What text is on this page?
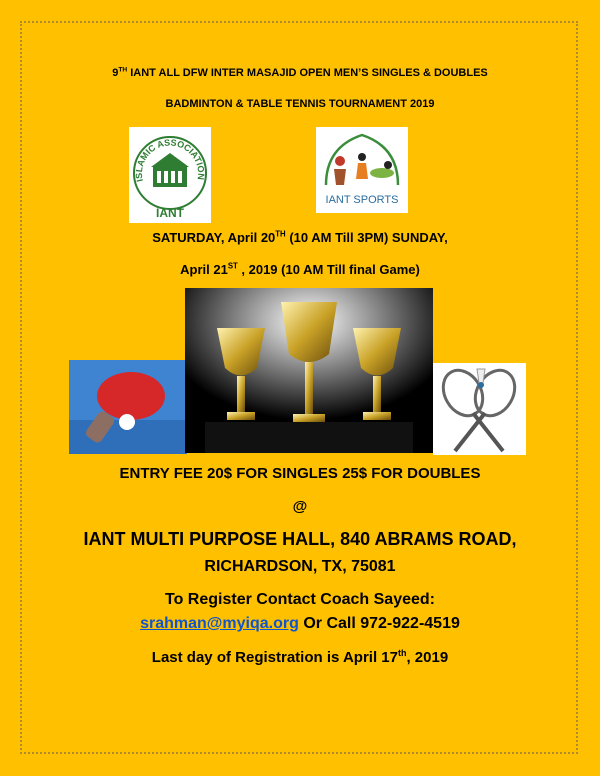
9TH IANT ALL DFW INTER MASAJID OPEN MEN’S SINGLES & DOUBLES
BADMINTON & TABLE TENNIS TOURNAMENT 2019
ISLAMIC ASSOCIATION
IANT
IANT SPORTS
SATURDAY, April 20TH (10 AM Till 3PM) SUNDAY,
April 21ST , 2019 (10 AM Till final Game)
ENTRY FEE 20$ FOR SINGLES 25$ FOR DOUBLES
@
IANT MULTI PURPOSE HALL, 840 ABRAMS ROAD,
RICHARDSON, TX, 75081
To Register Contact Coach Sayeed:
srahman@myiqa.org Or Call 972-922-4519
Last day of Registration is April 17th, 2019
